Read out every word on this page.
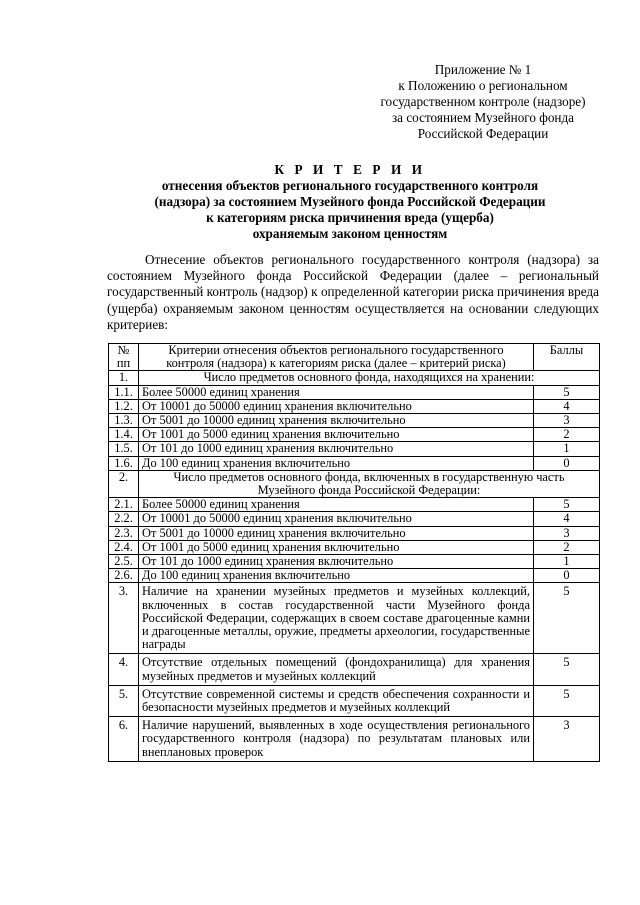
Приложение № 1
к Положению о региональном
государственном контроле (надзоре)
за состоянием Музейного фонда
Российской Федерации
К Р И Т Е Р И И
отнесения объектов регионального государственного контроля
(надзора) за состоянием Музейного фонда Российской Федерации
к категориям риска причинения вреда (ущерба)
охраняемым законом ценностям
Отнесение объектов регионального государственного контроля (надзора) за состоянием Музейного фонда Российской Федерации (далее – региональный государственный контроль (надзор) к определенной категории риска причинения вреда (ущерба) охраняемым законом ценностям осуществляется на основании следующих критериев:
№ пп	Критерии отнесения объектов регионального государственного контроля (надзора) к категориям риска (далее – критерий риска)	Баллы
1.	Число предметов основного фонда, находящихся на хранении:	
1.1.	Более 50000 единиц хранения	5
1.2.	От 10001 до 50000 единиц хранения включительно	4
1.3.	От 5001 до 10000 единиц хранения включительно	3
1.4.	От 1001 до 5000 единиц хранения включительно	2
1.5.	От 101 до 1000 единиц хранения включительно	1
1.6.	До 100 единиц хранения включительно	0
2.	Число предметов основного фонда, включенных в государственную часть Музейного фонда Российской Федерации:	
2.1.	Более 50000 единиц хранения	5
2.2.	От 10001 до 50000 единиц хранения включительно	4
2.3.	От 5001 до 10000 единиц хранения включительно	3
2.4.	От 1001 до 5000 единиц хранения включительно	2
2.5.	От 101 до 1000 единиц хранения включительно	1
2.6.	До 100 единиц хранения включительно	0
3.	Наличие на хранении музейных предметов и музейных коллекций, включенных в состав государственной части Музейного фонда Российской Федерации, содержащих в своем составе драгоценные камни и драгоценные металлы, оружие, предметы археологии, государственные награды	5
4.	Отсутствие отдельных помещений (фондохранилища) для хранения музейных предметов и музейных коллекций	5
5.	Отсутствие современной системы и средств обеспечения сохранности и безопасности музейных предметов и музейных коллекций	5
6.	Наличие нарушений, выявленных в ходе осуществления регионального государственного контроля (надзора) по результатам плановых или внеплановых проверок	3
